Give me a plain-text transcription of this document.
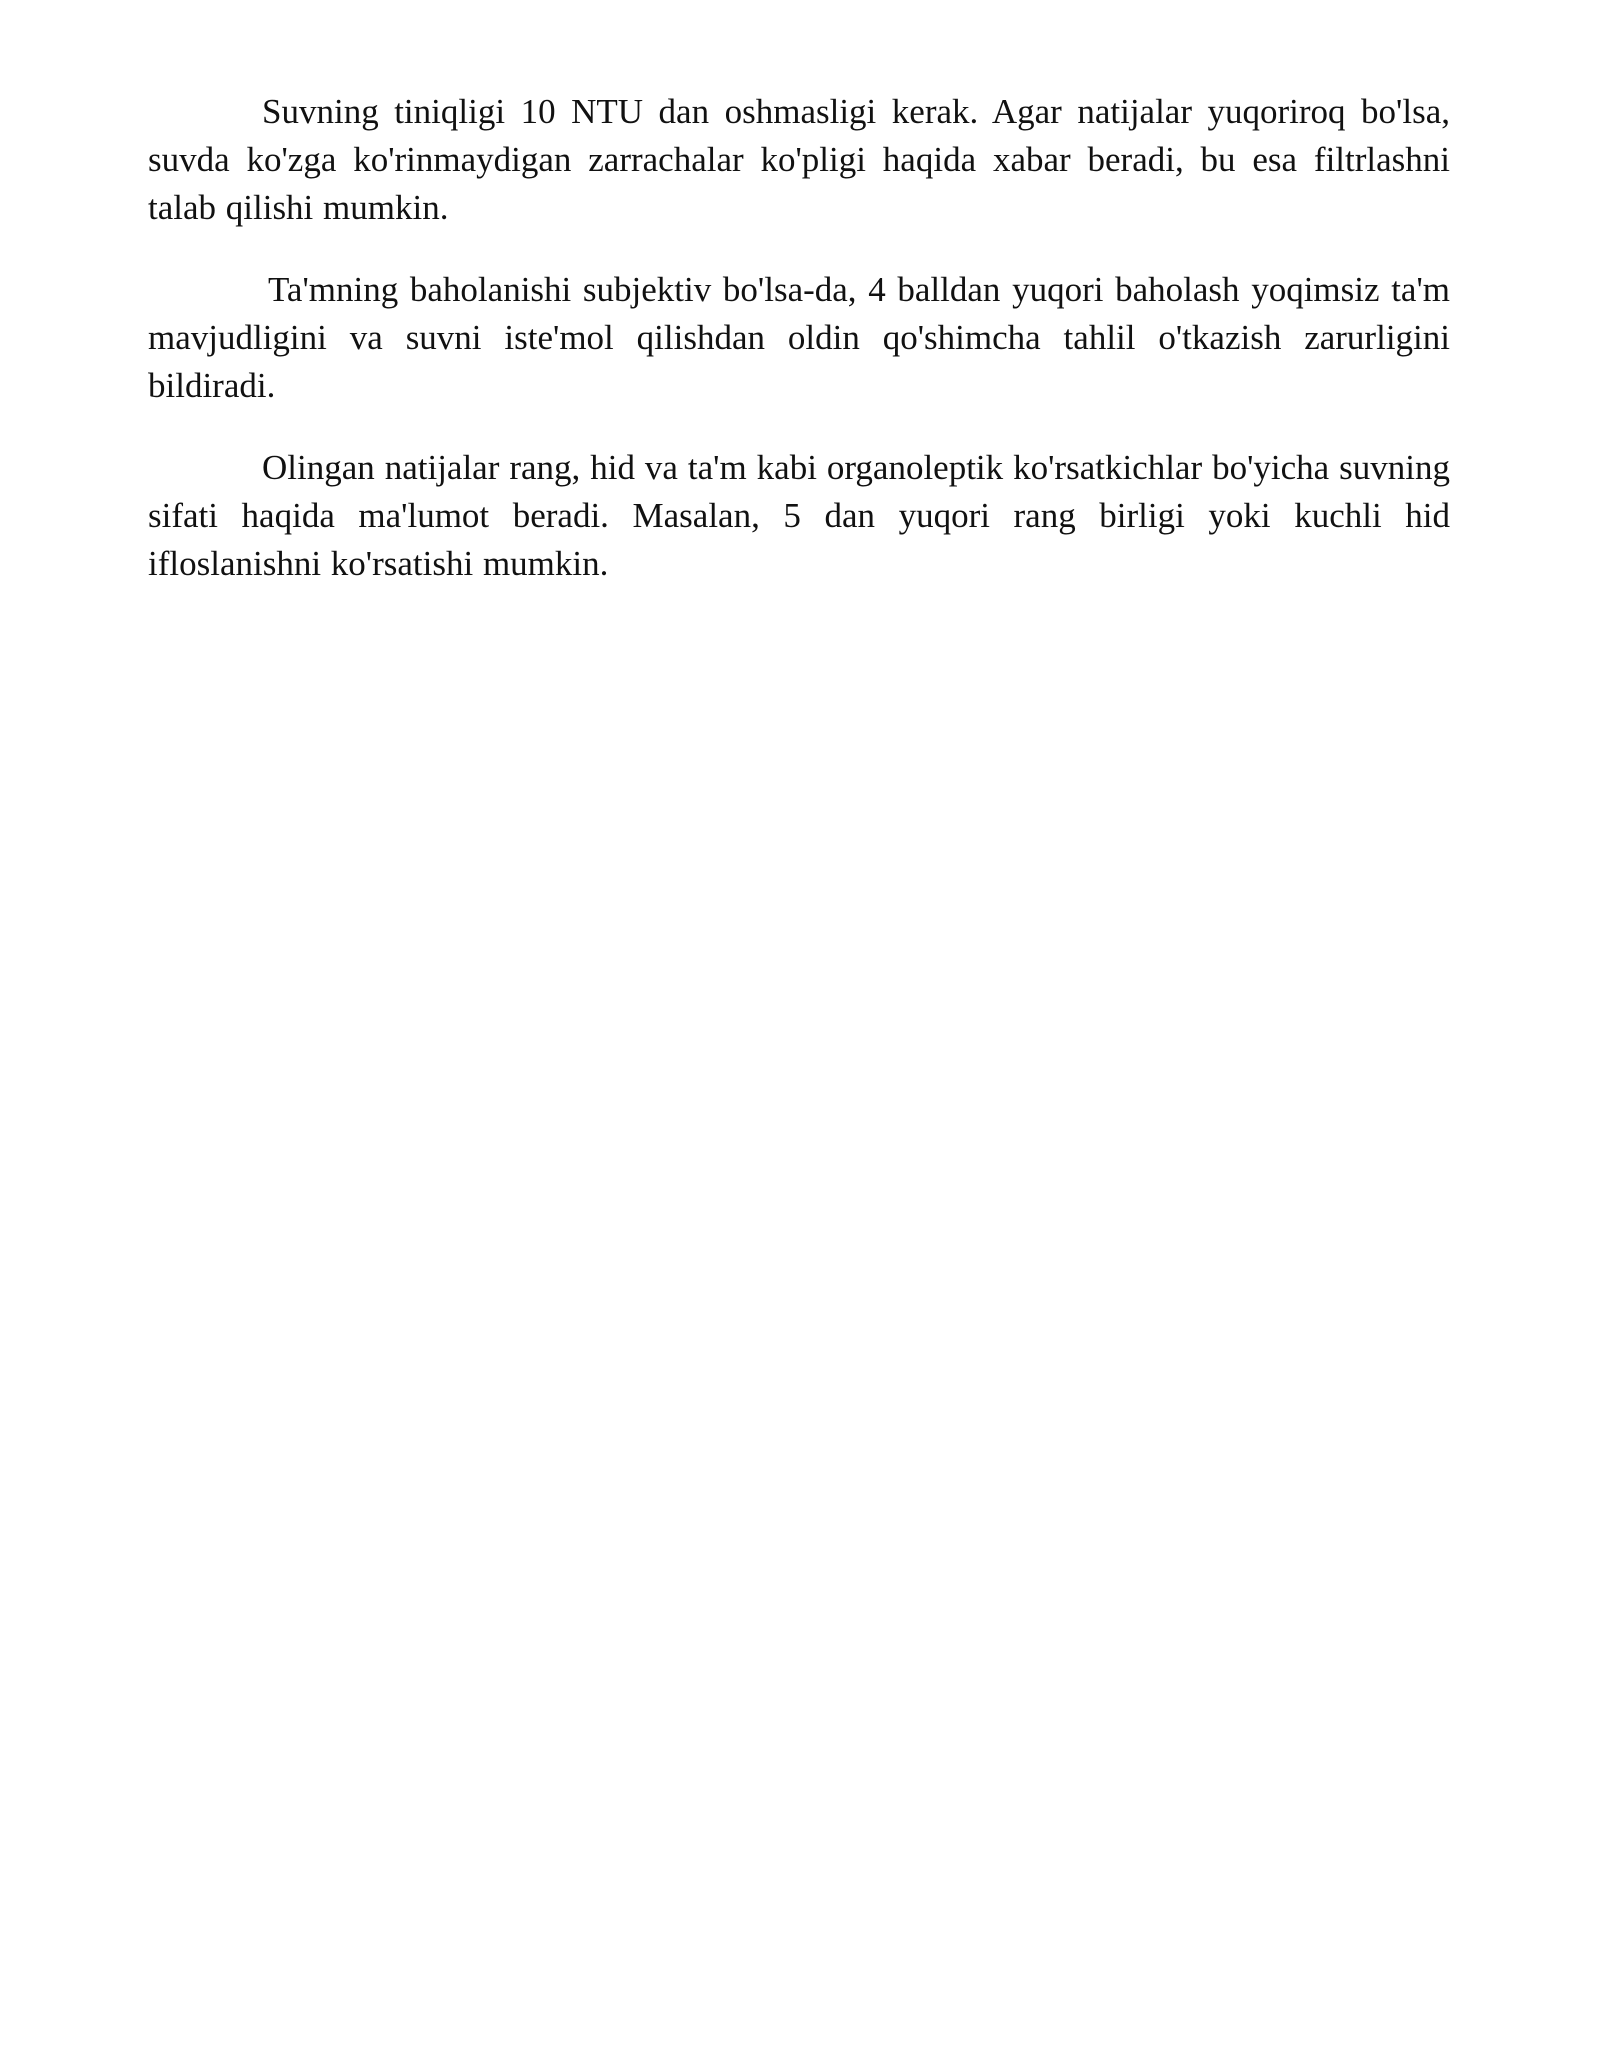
Suvning tiniqligi 10 NTU dan oshmasligi kerak. Agar natijalar yuqoriroq bo'lsa, suvda ko'zga ko'rinmaydigan zarrachalar ko'pligi haqida xabar beradi, bu esa filtrlashni talab qilishi mumkin.

Ta'mning baholanishi subjektiv bo'lsa-da, 4 balldan yuqori baholash yoqimsiz ta'm mavjudligini va suvni iste'mol qilishdan oldin qo'shimcha tahlil o'tkazish zarurligini bildiradi.

Olingan natijalar rang, hid va ta'm kabi organoleptik ko'rsatkichlar bo'yicha suvning sifati haqida ma'lumot beradi. Masalan, 5 dan yuqori rang birligi yoki kuchli hid ifloslanishni ko'rsatishi mumkin.
